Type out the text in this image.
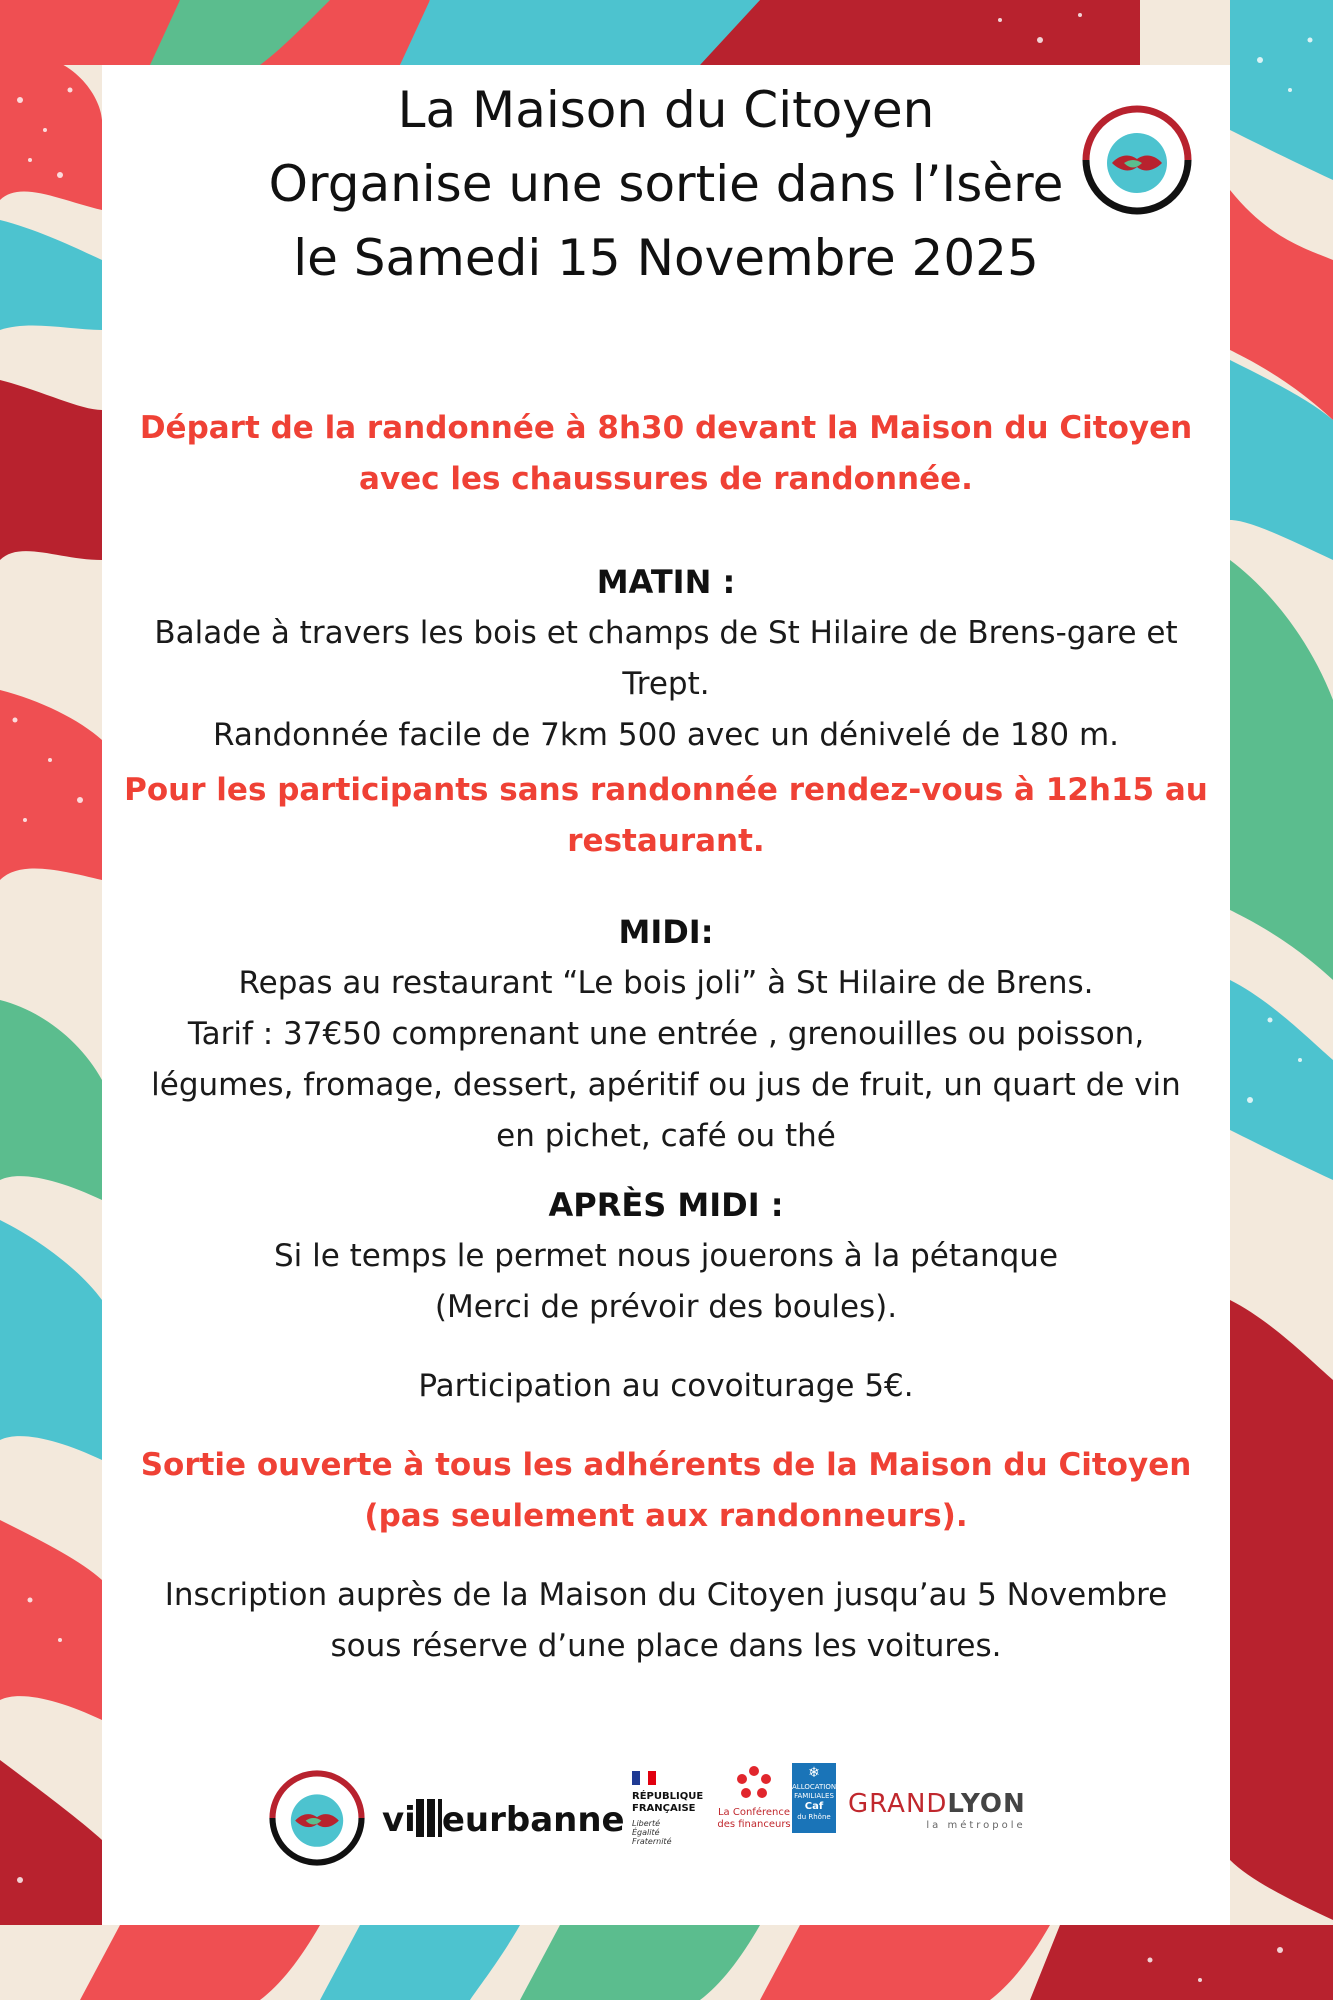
La Maison du Citoyen
Organise une sortie dans l’Isère
le Samedi 15 Novembre 2025

Départ de la randonnée à 8h30 devant la Maison du Citoyen

avec les chaussures de randonnée.

MATIN :

Balade à travers les bois et champs de St Hilaire de Brens-gare et

Trept.

Randonnée facile de 7km 500 avec un dénivelé de 180 m.

Pour les participants sans randonnée rendez-vous à 12h15 au

restaurant.

MIDI:

Repas au restaurant “Le bois joli” à St Hilaire de Brens.

Tarif : 37€50 comprenant une entrée , grenouilles ou poisson,

légumes, fromage, dessert, apéritif ou jus de fruit, un quart de vin

en pichet, café ou thé

APRÈS MIDI :

Si le temps le permet nous jouerons à la pétanque

(Merci de prévoir des boules).

Participation au covoiturage 5€.

Sortie ouverte à tous les adhérents de la Maison du Citoyen

(pas seulement aux randonneurs).

Inscription auprès de la Maison du Citoyen jusqu’au 5 Novembre

sous réserve d’une place dans les voitures.

vi eurbanne
RÉPUBLIQUE
FRANÇAISE
Liberté
Égalité
Fraternité
La Conférence
des financeurs
❄
ALLOCATIONS
FAMILIALES
Caf
du Rhône GRANDLYON
la métropole
